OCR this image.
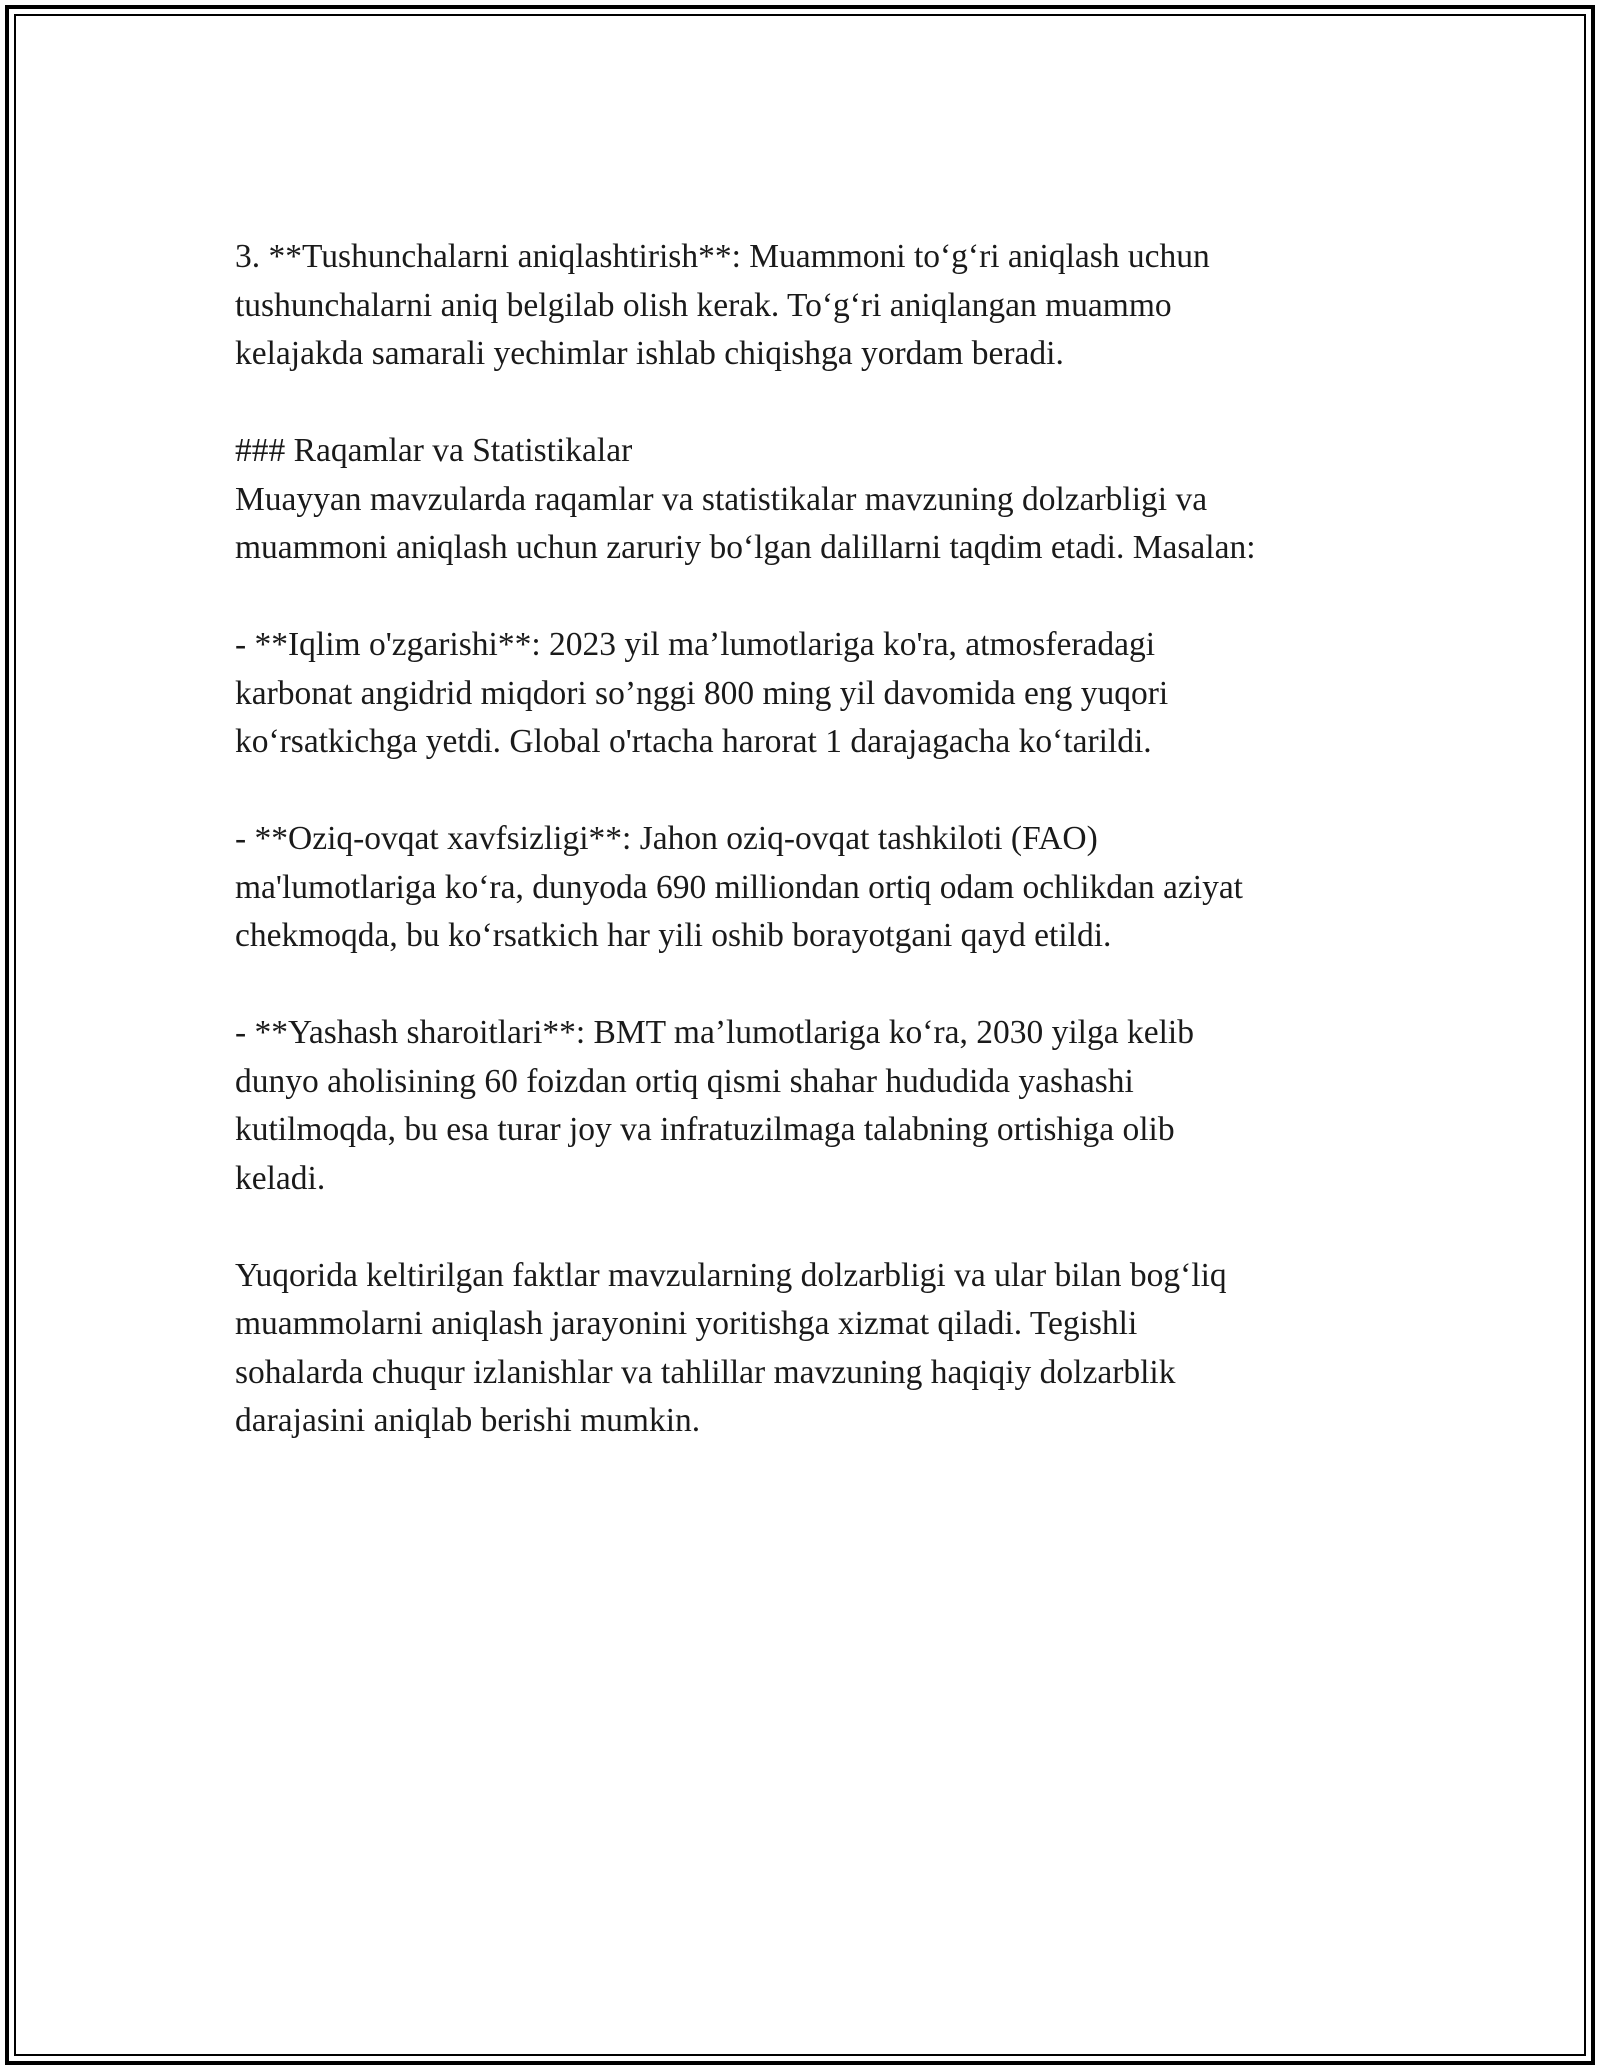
3. **Tushunchalarni aniqlashtirish**: Muammoni to‘g‘ri aniqlash uchun
tushunchalarni aniq belgilab olish kerak. To‘g‘ri aniqlangan muammo
kelajakda samarali yechimlar ishlab chiqishga yordam beradi.

### Raqamlar va Statistikalar

Muayyan mavzularda raqamlar va statistikalar mavzuning dolzarbligi va
muammoni aniqlash uchun zaruriy bo‘lgan dalillarni taqdim etadi. Masalan:

- **Iqlim o'zgarishi**: 2023 yil ma’lumotlariga ko'ra, atmosferadagi
karbonat angidrid miqdori so’nggi 800 ming yil davomida eng yuqori
ko‘rsatkichga yetdi. Global o'rtacha harorat 1 darajagacha ko‘tarildi.

- **Oziq-ovqat xavfsizligi**: Jahon oziq-ovqat tashkiloti (FAO)
ma'lumotlariga ko‘ra, dunyoda 690 milliondan ortiq odam ochlikdan aziyat
chekmoqda, bu ko‘rsatkich har yili oshib borayotgani qayd etildi.

- **Yashash sharoitlari**: BMT ma’lumotlariga ko‘ra, 2030 yilga kelib
dunyo aholisining 60 foizdan ortiq qismi shahar hududida yashashi
kutilmoqda, bu esa turar joy va infratuzilmaga talabning ortishiga olib
keladi.

Yuqorida keltirilgan faktlar mavzularning dolzarbligi va ular bilan bog‘liq
muammolarni aniqlash jarayonini yoritishga xizmat qiladi. Tegishli
sohalarda chuqur izlanishlar va tahlillar mavzuning haqiqiy dolzarblik
darajasini aniqlab berishi mumkin.
